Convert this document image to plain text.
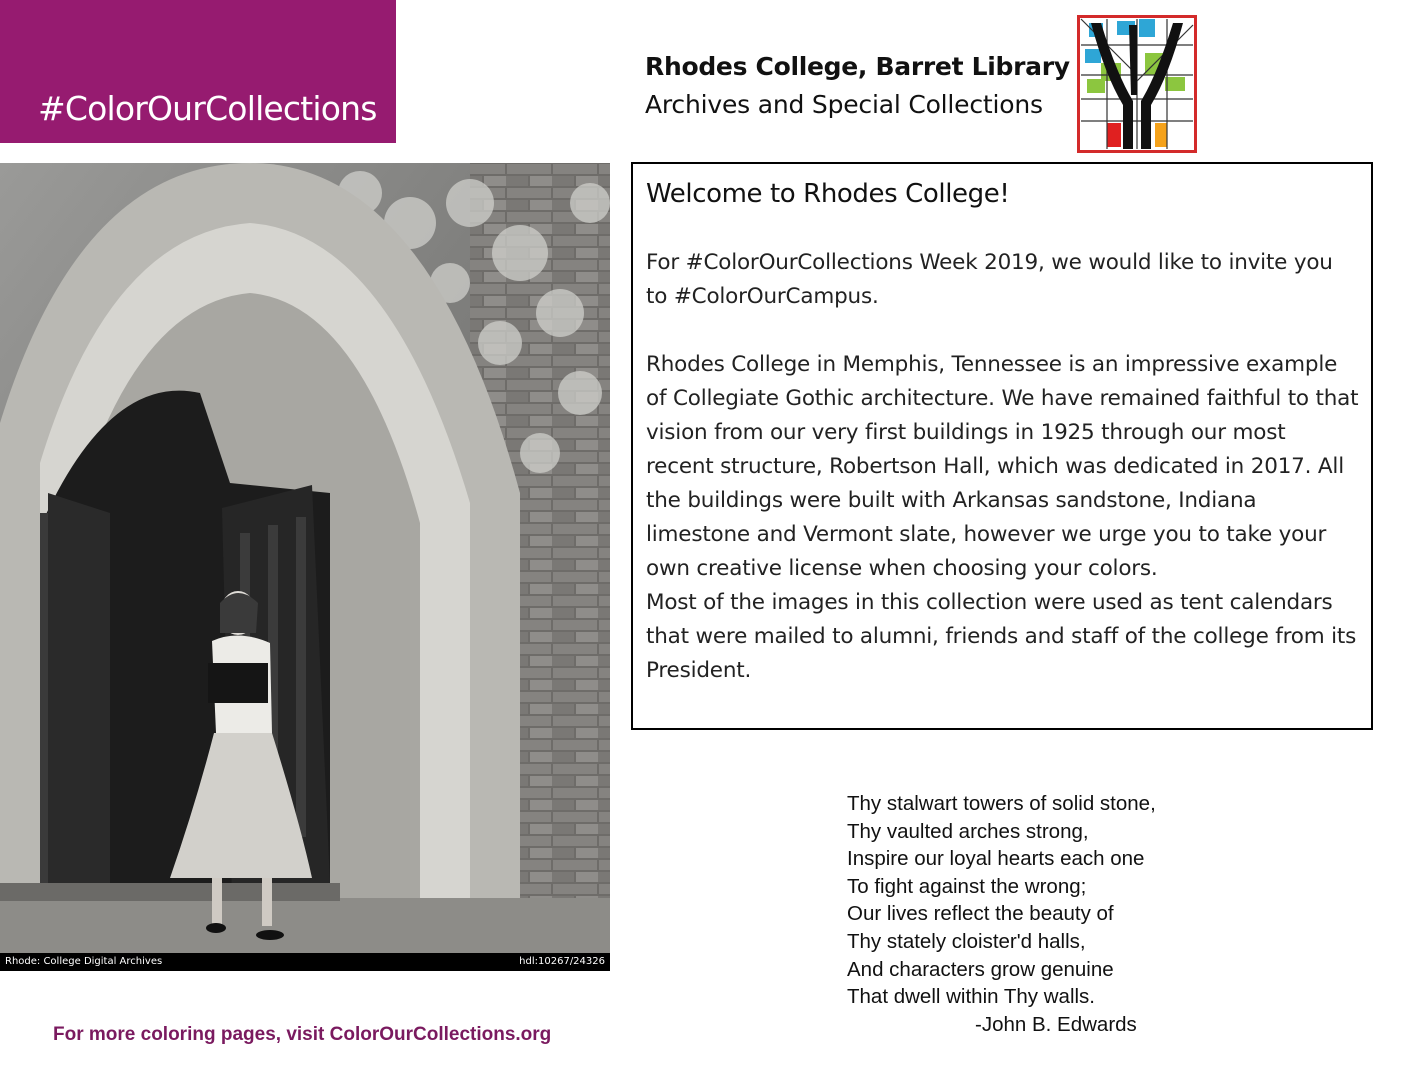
#ColorOurCollections
Rhodes College, Barret Library
Archives and Special Collections
Rhode: College Digital Archives	hdl:10267/24326
Welcome to Rhodes College!

For #ColorOurCollections Week 2019, we would like to invite you to #ColorOurCampus.

Rhodes College in Memphis, Tennessee is an impressive example of Collegiate Gothic architecture. We have remained faithful to that vision from our very first buildings in 1925 through our most recent structure, Robertson Hall, which was dedicated in 2017. All the buildings were built with Arkansas sandstone, Indiana limestone and Vermont slate, however we urge you to take your own creative license when choosing your colors.

Most of the images in this collection were used as tent calendars that were mailed to alumni, friends and staff of the college from its President.

Thy stalwart towers of solid stone,
Thy vaulted arches strong,
Inspire our loyal hearts each one
To fight against the wrong;
Our lives reflect the beauty of
Thy stately cloister'd halls,
And characters grow genuine
That dwell within Thy walls.
-John B. Edwards
For more coloring pages, visit ColorOurCollections.org
